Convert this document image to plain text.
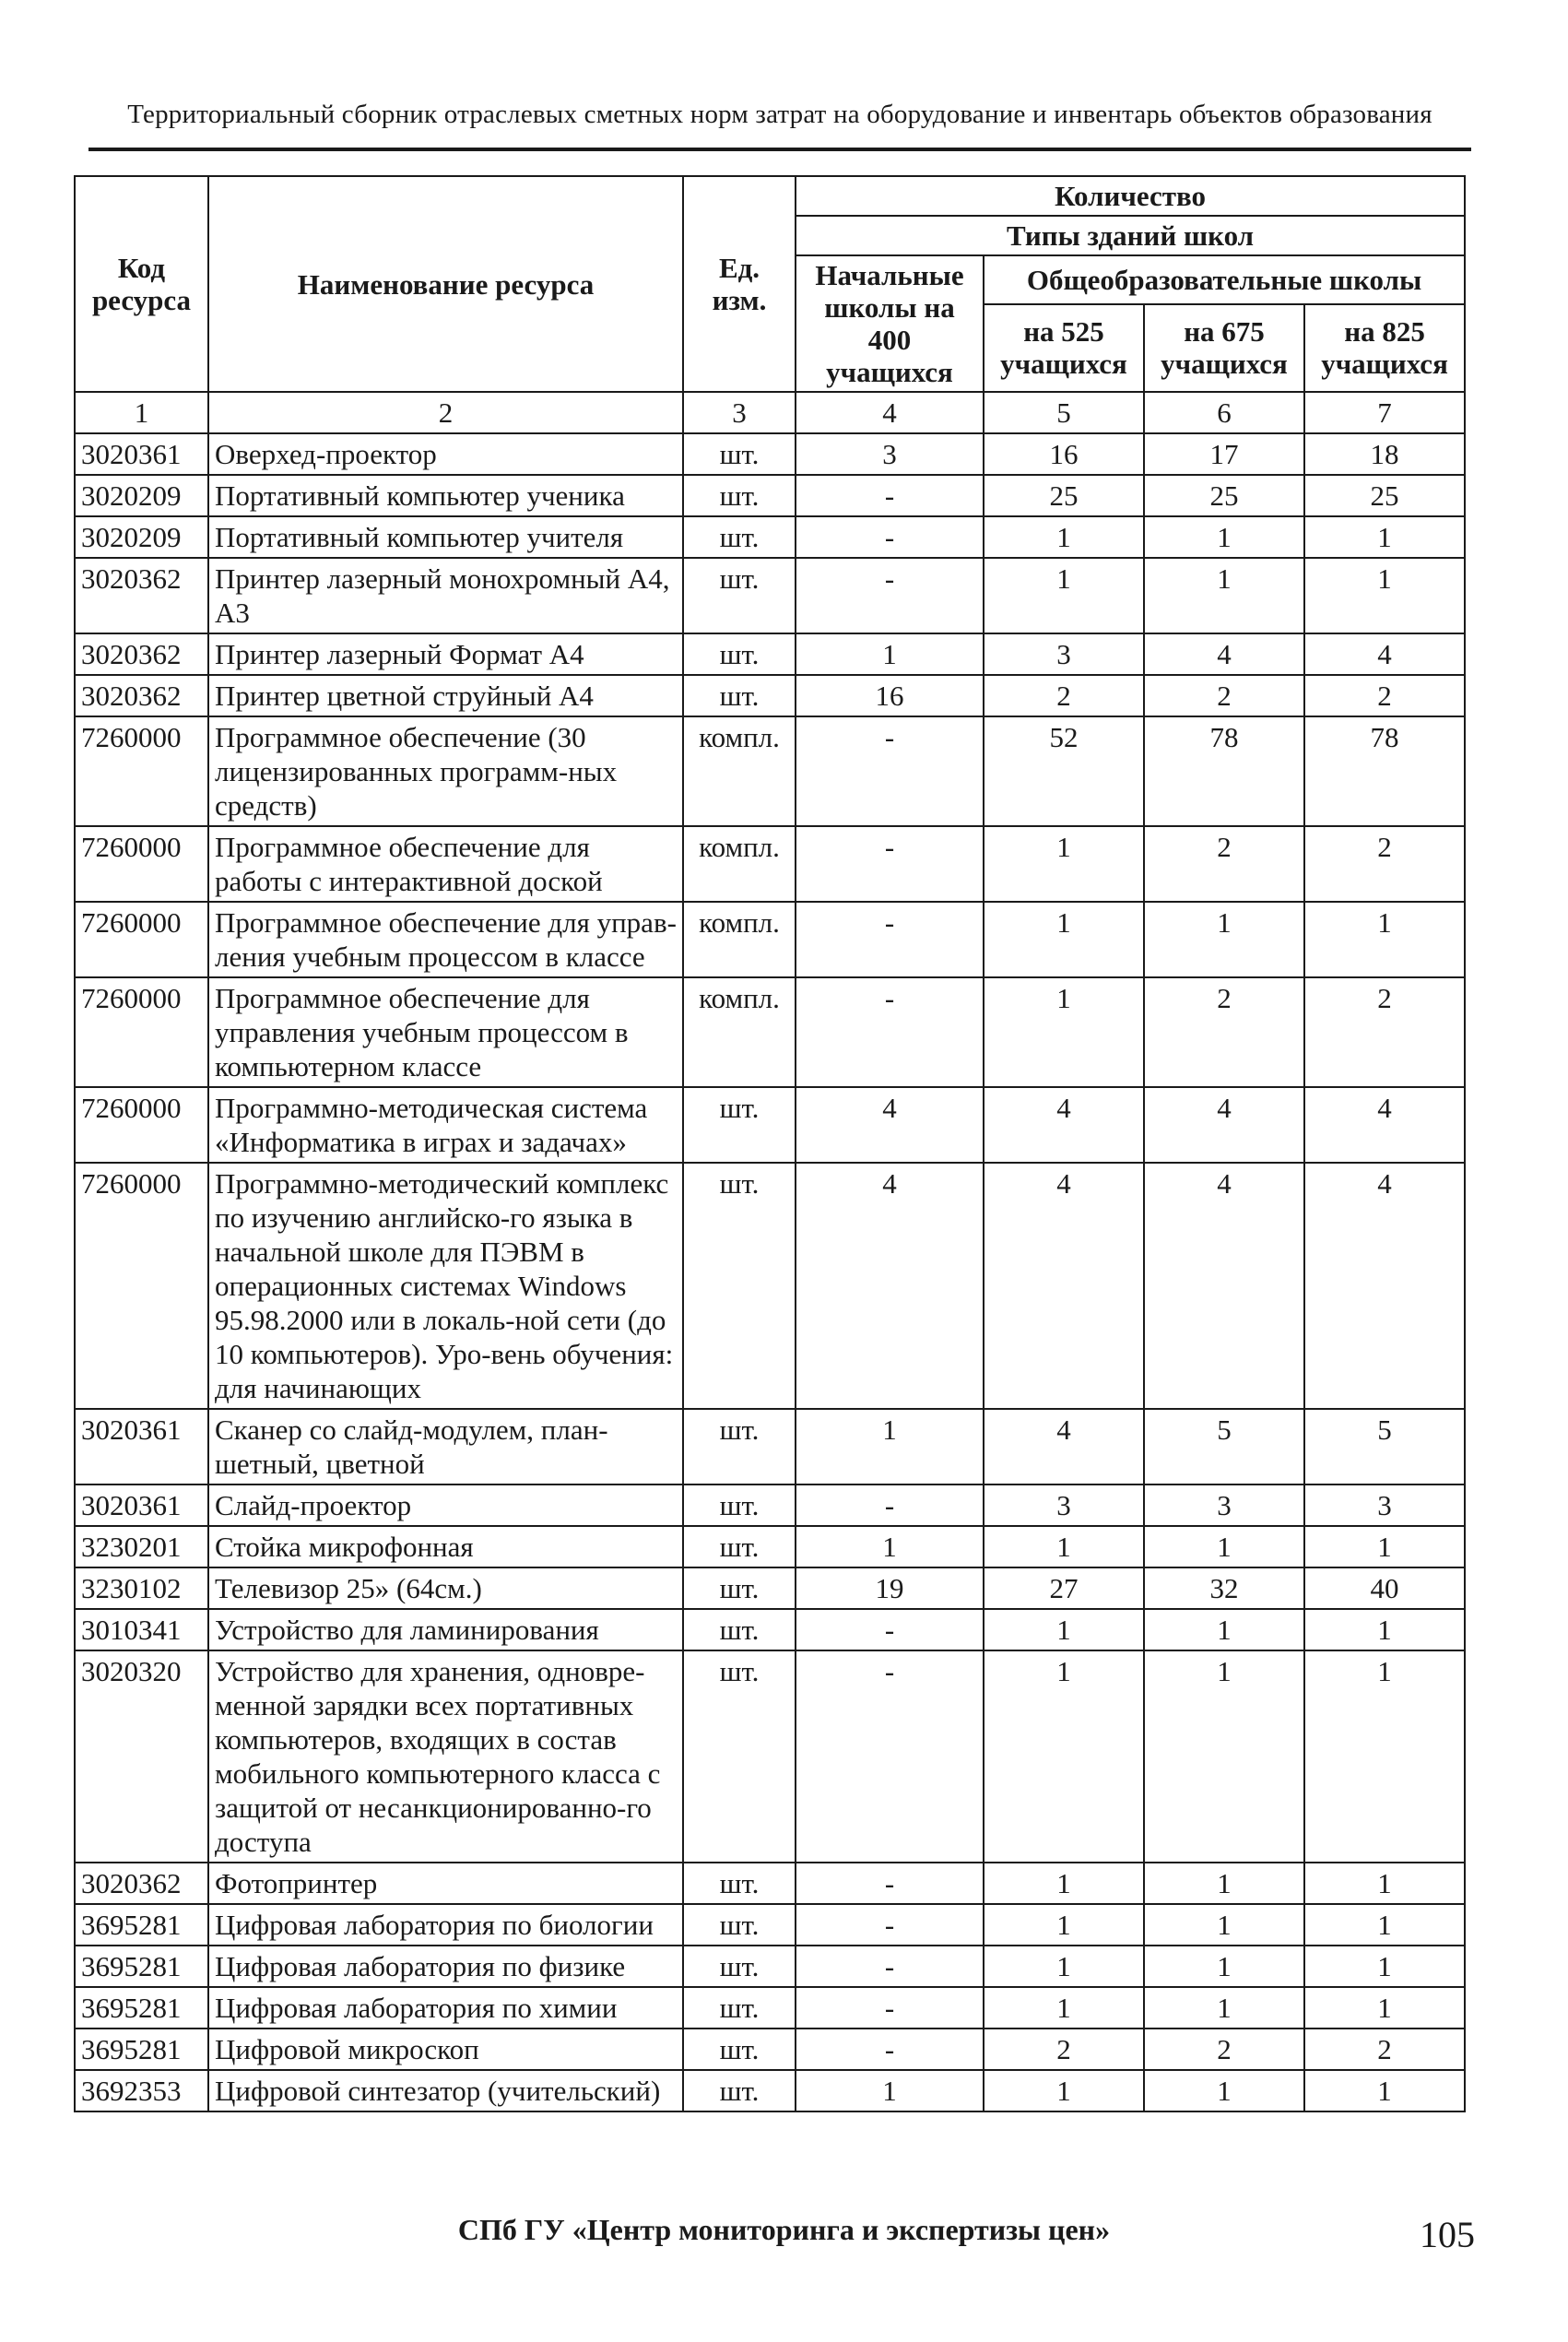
Территориальный сборник отраслевых сметных норм затрат на оборудование и инвентарь объектов образования
Код ресурса	Наименование ресурса	Ед. изм.	Количество			
			Типы зданий школ			
			Начальные школы на 400 учащихся	Общеобразовательные школы		
				на 525 учащихся	на 675 учащихся	на 825 учащихся
1	2	3	4	5	6	7
3020361	Оверхед-проектор	шт.	3	16	17	18
3020209	Портативный компьютер ученика	шт.	-	25	25	25
3020209	Портативный компьютер учителя	шт.	-	1	1	1
3020362	Принтер лазерный монохромный А4, А3	шт.	-	1	1	1
3020362	Принтер лазерный Формат А4	шт.	1	3	4	4
3020362	Принтер цветной струйный А4	шт.	16	2	2	2
7260000	Программное обеспечение (30 лицензированных программ-ных средств)	компл.	-	52	78	78
7260000	Программное обеспечение для работы с интерактивной доской	компл.	-	1	2	2
7260000	Программное обеспечение для управ-ления учебным процессом в классе	компл.	-	1	1	1
7260000	Программное обеспечение для управления учебным процессом в компьютерном классе	компл.	-	1	2	2
7260000	Программно-методическая система «Информатика в играх и задачах»	шт.	4	4	4	4
7260000	Программно-методический комплекс по изучению английско-го языка в начальной школе для ПЭВМ в операционных системах Windows 95.98.2000 или в локаль-ной сети (до 10 компьютеров). Уро-вень обучения: для начинающих	шт.	4	4	4	4
3020361	Сканер со слайд-модулем, план-шетный, цветной	шт.	1	4	5	5
3020361	Слайд-проектор	шт.	-	3	3	3
3230201	Стойка микрофонная	шт.	1	1	1	1
3230102	Телевизор 25» (64см.)	шт.	19	27	32	40
3010341	Устройство для ламинирования	шт.	-	1	1	1
3020320	Устройство для хранения, одновре-менной зарядки всех портативных компьютеров, входящих в состав мобильного компьютерного класса с защитой от несанкционированно-го доступа	шт.	-	1	1	1
3020362	Фотопринтер	шт.	-	1	1	1
3695281	Цифровая лаборатория по биологии	шт.	-	1	1	1
3695281	Цифровая лаборатория по физике	шт.	-	1	1	1
3695281	Цифровая лаборатория по химии	шт.	-	1	1	1
3695281	Цифровой микроскоп	шт.	-	2	2	2
3692353	Цифровой синтезатор (учительский)	шт.	1	1	1	1
СПб ГУ «Центр мониторинга и экспертизы цен»	105
